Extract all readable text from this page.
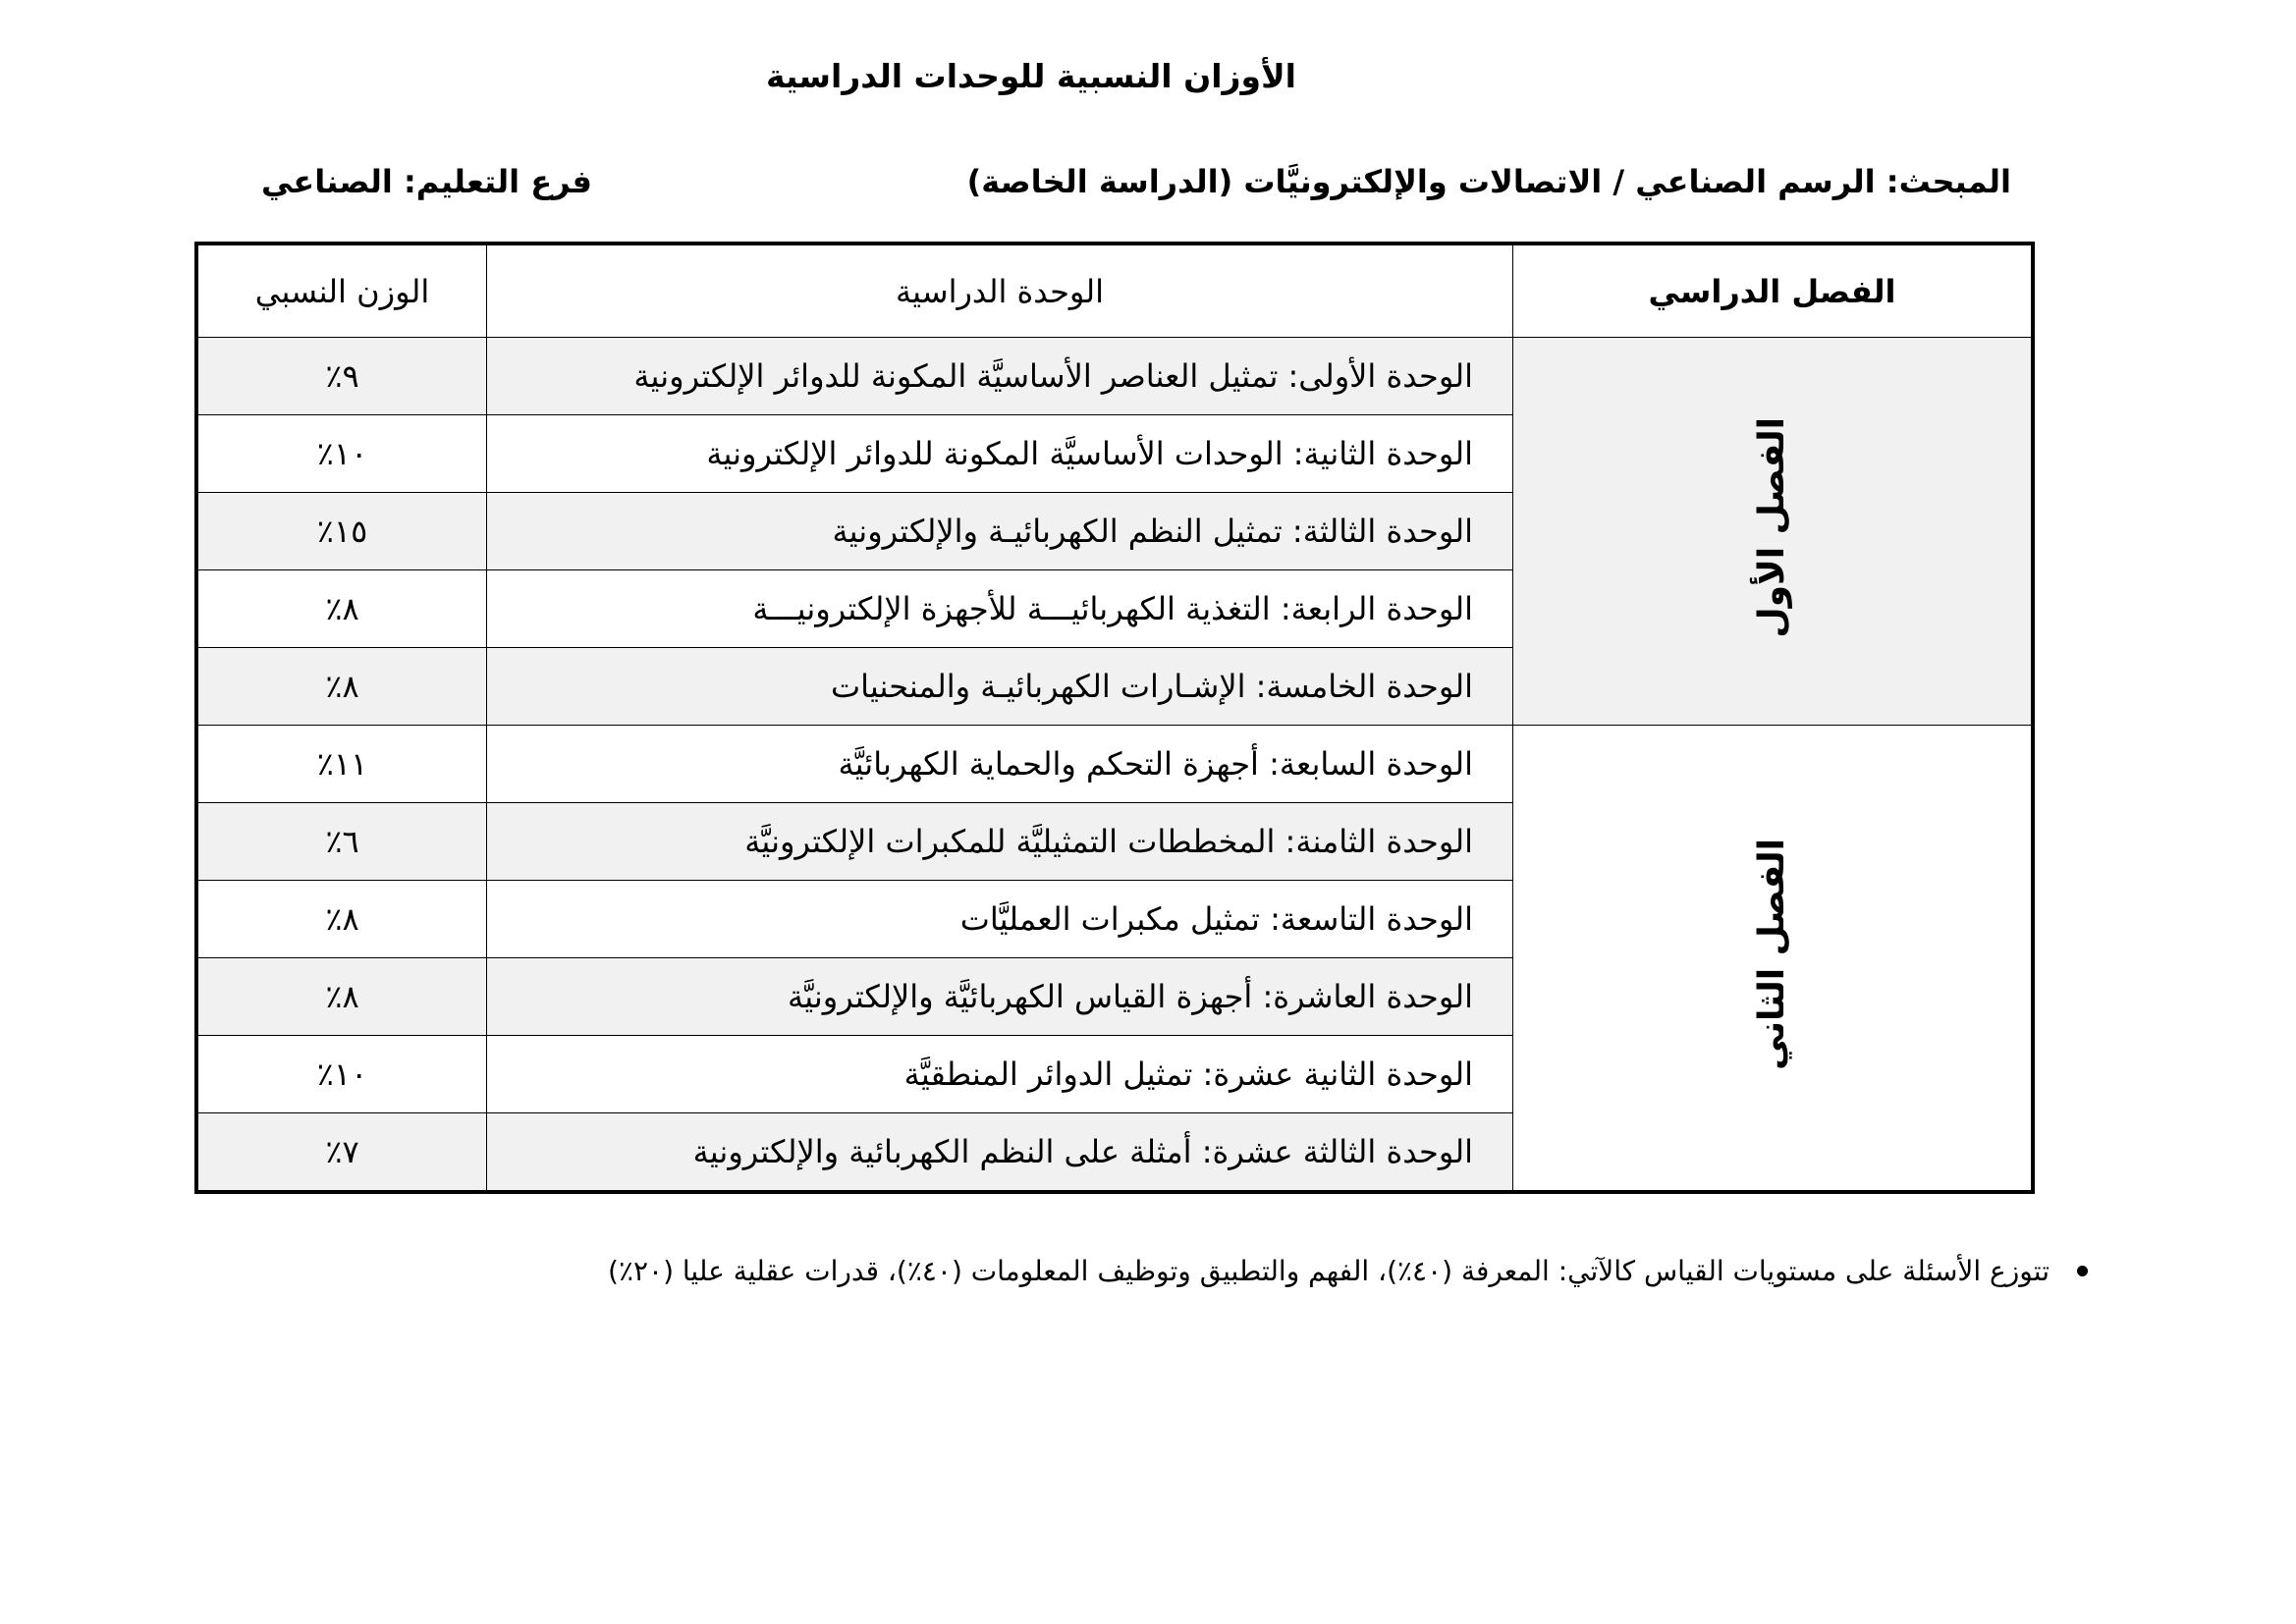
الأوزان النسبية للوحدات الدراسية
المبحث: الرسم الصناعي / الاتصالات والإلكترونيَّات (الدراسة الخاصة)
فرع التعليم: الصناعي
الفصل الدراسي	الوحدة الدراسية	الوزن النسبي
الفصل الأول	الوحدة الأولى: تمثيل العناصر الأساسيَّة المكونة للدوائر الإلكترونية	٩٪
	الوحدة الثانية: الوحدات الأساسيَّة المكونة للدوائر الإلكترونية	١٠٪
	الوحدة الثالثة: تمثيل النظم الكهربائيـة والإلكترونية	١٥٪
	الوحدة الرابعة: التغذية الكهربائيـــة للأجهزة الإلكترونيـــة	٨٪
	الوحدة الخامسة: الإشـارات الكهربائيـة والمنحنيات	٨٪
الفصل الثاني	الوحدة السابعة: أجهزة التحكم والحماية الكهربائيَّة	١١٪
	الوحدة الثامنة: المخططات التمثيليَّة للمكبرات الإلكترونيَّة	٦٪
	الوحدة التاسعة: تمثيل مكبرات العمليَّات	٨٪
	الوحدة العاشرة: أجهزة القياس الكهربائيَّة والإلكترونيَّة	٨٪
	الوحدة الثانية عشرة: تمثيل الدوائر المنطقيَّة	١٠٪
	الوحدة الثالثة عشرة: أمثلة على النظم الكهربائية والإلكترونية	٧٪
تتوزع الأسئلة على مستويات القياس كالآتي: المعرفة (٤٠٪)، الفهم والتطبيق وتوظيف المعلومات (٤٠٪)، قدرات عقلية عليا (٢٠٪)
